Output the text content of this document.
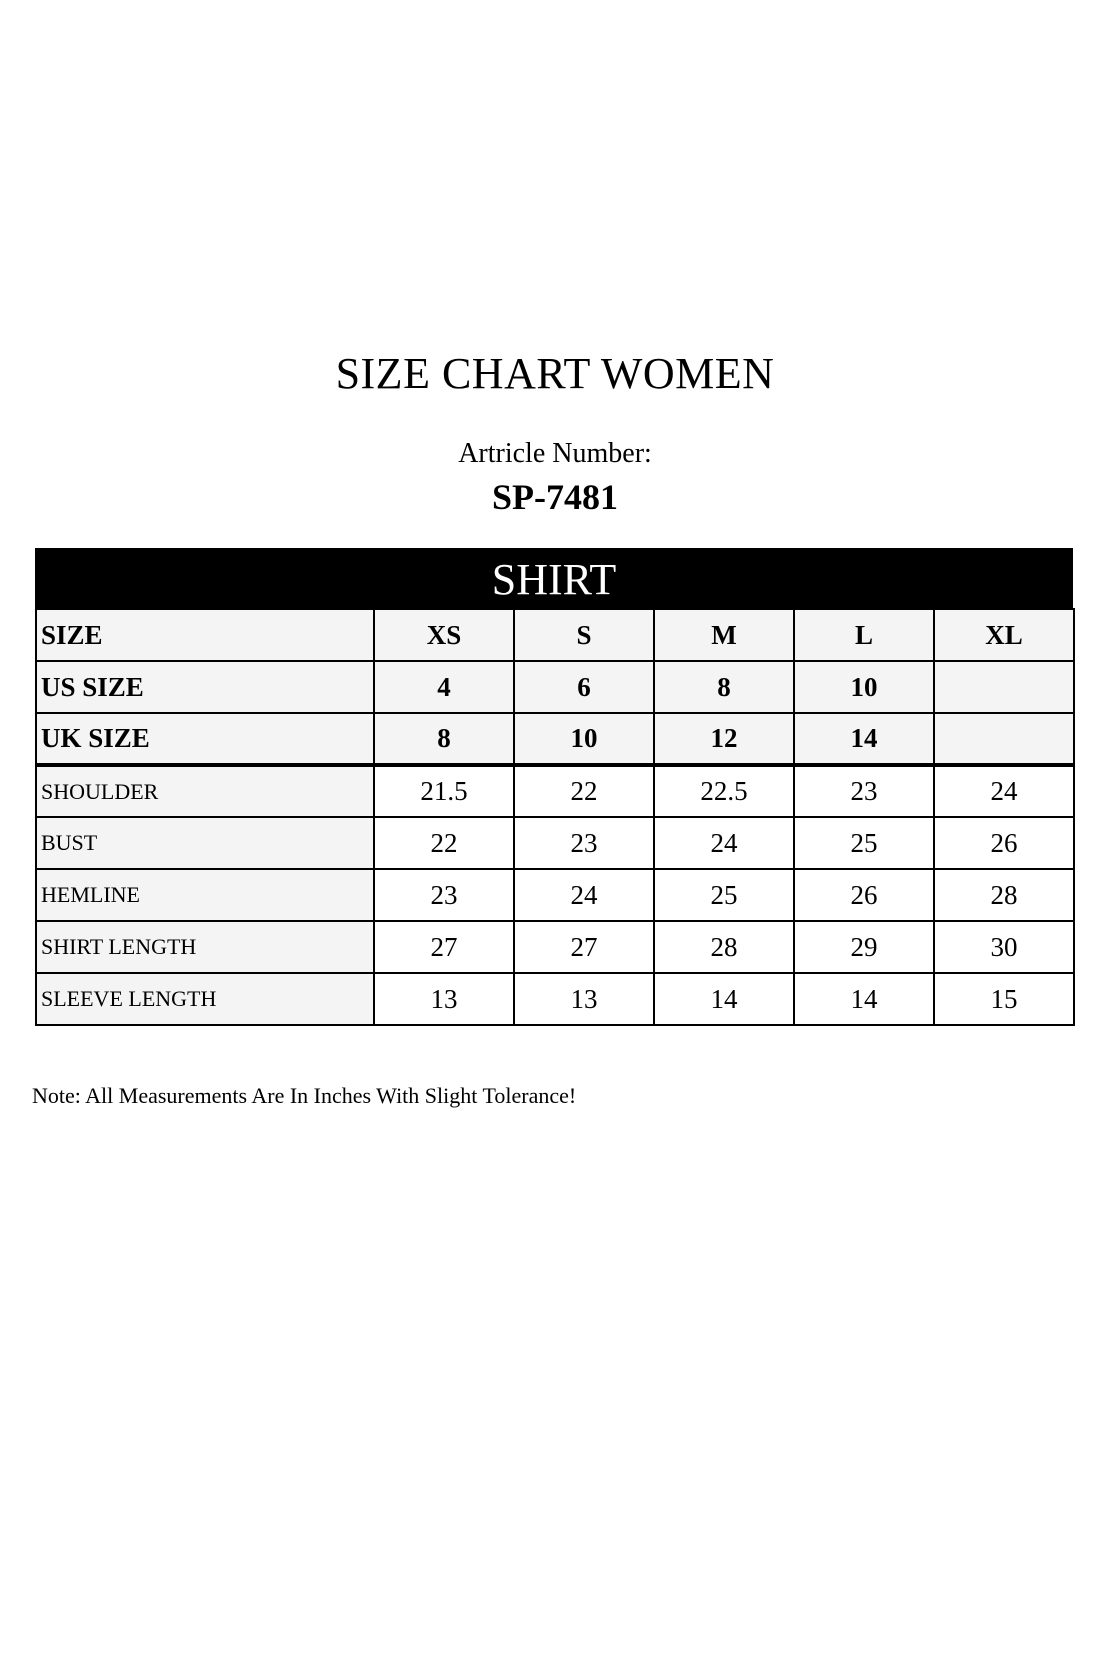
SIZE CHART WOMEN
Artricle Number:
SP-7481
SHIRT
SIZE	XS	S	M	L	XL
US SIZE	4	6	8	10	
UK SIZE	8	10	12	14	
SHOULDER	21.5	22	22.5	23	24
BUST	22	23	24	25	26
HEMLINE	23	24	25	26	28
SHIRT LENGTH	27	27	28	29	30
SLEEVE LENGTH	13	13	14	14	15
Note: All Measurements Are In Inches With Slight Tolerance!
